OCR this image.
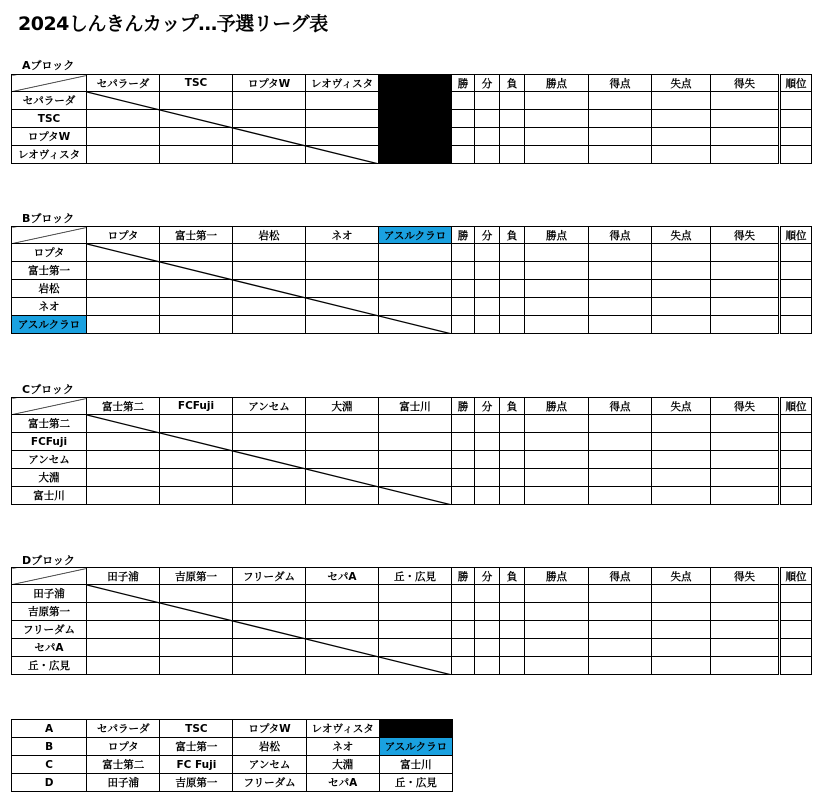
2024しんきんカップ…予選リーグ表
Aブロック
	セパラーダ	TSC	ロプタW	レオヴィスタ		勝	分	負	勝点	得点	失点	得失	順位
セパラーダ													
TSC													
ロプタW													
レオヴィスタ													
Bブロック
	ロプタ	富士第一	岩松	ネオ	アスルクラロ	勝	分	負	勝点	得点	失点	得失	順位
ロプタ													
富士第一													
岩松													
ネオ													
アスルクラロ													
Cブロック
	富士第二	FCFuji	アンセム	大淵	富士川	勝	分	負	勝点	得点	失点	得失	順位
富士第二													
FCFuji													
アンセム													
大淵													
富士川													
Dブロック
	田子浦	吉原第一	フリーダム	セパA	丘・広見	勝	分	負	勝点	得点	失点	得失	順位
田子浦													
吉原第一													
フリーダム													
セパA													
丘・広見													
A	セパラーダ	TSC	ロプタW	レオヴィスタ	
B	ロプタ	富士第一	岩松	ネオ	アスルクラロ
C	富士第二	FC Fuji	アンセム	大淵	富士川
D	田子浦	吉原第一	フリーダム	セパA	丘・広見
